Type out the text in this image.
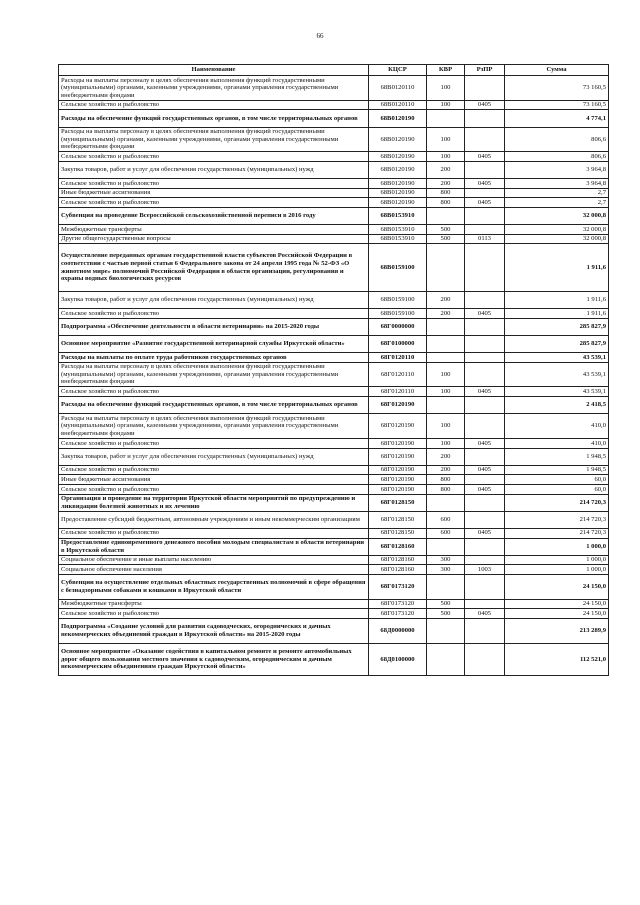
66
Наименование	КЦСР	КВР	РзПР	Сумма
Расходы на выплаты персоналу в целях обеспечения выполнения функций государственными (муниципальными) органами, казенными учреждениями, органами управления государственными внебюджетными фондами	68В0120110	100		73 160,5
Сельское хозяйство и рыболовство	68В0120110	100	0405	73 160,5
Расходы на обеспечение функций государственных органов, в том числе территориальных органов	68В0120190			4 774,1
Расходы на выплаты персоналу в целях обеспечения выполнения функций государственными (муниципальными) органами, казенными учреждениями, органами управления государственными внебюджетными фондами	68В0120190	100		806,6
Сельское хозяйство и рыболовство	68В0120190	100	0405	806,6
Закупка товаров, работ и услуг для обеспечения государственных (муниципальных) нужд	68В0120190	200		3 964,8
Сельское хозяйство и рыболовство	68В0120190	200	0405	3 964,8
Иные бюджетные ассигнования	68В0120190	800		2,7
Сельское хозяйство и рыболовство	68В0120190	800	0405	2,7
Субвенция на проведение Всероссийской сельскохозяйственной переписи в 2016 году	68В0153910			32 000,8
Межбюджетные трансферты	68В0153910	500		32 000,8
Другие общегосударственные вопросы	68В0153910	500	0113	32 000,8
Осуществление переданных органам государственной власти субъектов Российской Федерации в соответствии с частью первой статьи 6 Федерального закона от 24 апреля 1995 года № 52-ФЗ «О животном мире» полномочий Российской Федерации в области организации, регулирования и охраны водных биологических ресурсов	68В0159100			1 911,6
Закупка товаров, работ и услуг для обеспечения государственных (муниципальных) нужд	68В0159100	200		1 911,6
Сельское хозяйство и рыболовство	68В0159100	200	0405	1 911,6
Подпрограмма «Обеспечение деятельности в области ветеринарии» на 2015-2020 годы	68Г0000000			285 827,9
Основное мероприятие «Развитие государственной ветеринарной службы Иркутской области»	68Г0100000			285 827,9
Расходы на выплаты по оплате труда работников государственных органов	68Г0120110			43 539,1
Расходы на выплаты персоналу в целях обеспечения выполнения функций государственными (муниципальными) органами, казенными учреждениями, органами управления государственными внебюджетными фондами	68Г0120110	100		43 539,1
Сельское хозяйство и рыболовство	68Г0120110	100	0405	43 539,1
Расходы на обеспечение функций государственных органов, в том числе территориальных органов	68Г0120190			2 418,5
Расходы на выплаты персоналу в целях обеспечения выполнения функций государственными (муниципальными) органами, казенными учреждениями, органами управления государственными внебюджетными фондами	68Г0120190	100		410,0
Сельское хозяйство и рыболовство	68Г0120190	100	0405	410,0
Закупка товаров, работ и услуг для обеспечения государственных (муниципальных) нужд	68Г0120190	200		1 948,5
Сельское хозяйство и рыболовство	68Г0120190	200	0405	1 948,5
Иные бюджетные ассигнования	68Г0120190	800		60,0
Сельское хозяйство и рыболовство	68Г0120190	800	0405	60,0
Организация и проведение на территории Иркутской области мероприятий по предупреждению и ликвидации болезней животных и их лечению	68Г0128150			214 720,3
Предоставление субсидий бюджетным, автономным учреждениям и иным некоммерческим организациям	68Г0128150	600		214 720,3
Сельское хозяйство и рыболовство	68Г0128150	600	0405	214 720,3
Предоставление единовременного денежного пособия молодым специалистам в области ветеринарии в Иркутской области	68Г0128160			1 000,0
Социальное обеспечение и иные выплаты населению	68Г0128160	300		1 000,0
Социальное обеспечение населения	68Г0128160	300	1003	1 000,0
Субвенции на осуществление отдельных областных государственных полномочий в сфере обращения с безнадзорными собаками и кошками в Иркутской области	68Г0173120			24 150,0
Межбюджетные трансферты	68Г0173120	500		24 150,0
Сельское хозяйство и рыболовство	68Г0173120	500	0405	24 150,0
Подпрограмма «Создание условий для развития садоводческих, огороднических и дачных некоммерческих объединений граждан в Иркутской области» на 2015-2020 годы	68Д0000000			213 289,9
Основное мероприятие «Оказание содействия в капитальном ремонте и ремонте автомобильных дорог общего пользования местного значения к садоводческим, огородническим и дачным некоммерческим объединениям граждан Иркутской области»	68Д0100000			112 521,0
